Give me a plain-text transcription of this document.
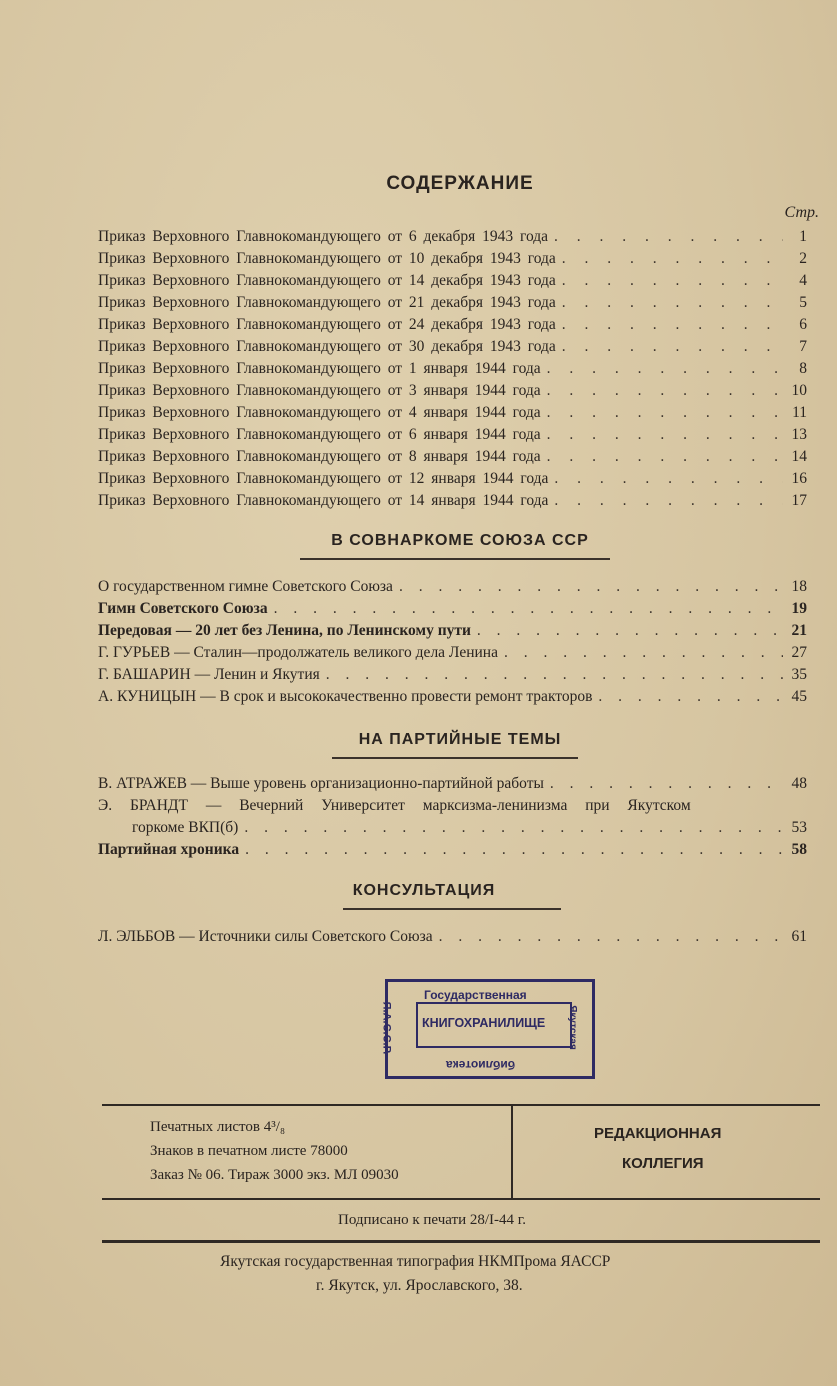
СОДЕРЖАНИЕ
Стр.
Приказ Верховного Главнокомандующего от 6 декабря 1943 года . . .	1
Приказ Верховного Главнокомандующего от 10 декабря 1943 года . . .	2
Приказ Верховного Главнокомандующего от 14 декабря 1943 года . . .	4
Приказ Верховного Главнокомандующего от 21 декабря 1943 года . . .	5
Приказ Верховного Главнокомандующего от 24 декабря 1943 года . . .	6
Приказ Верховного Главнокомандующего от 30 декабря 1943 года . . .	7
Приказ Верховного Главнокомандующего от 1 января 1944 года . . .	8
Приказ Верховного Главнокомандующего от 3 января 1944 года . . .	10
Приказ Верховного Главнокомандующего от 4 января 1944 года . . .	11
Приказ Верховного Главнокомандующего от 6 января 1944 года . . .	13
Приказ Верховного Главнокомандующего от 8 января 1944 года . . .	14
Приказ Верховного Главнокомандующего от 12 января 1944 года . . .	16
Приказ Верховного Главнокомандующего от 14 января 1944 года . . .	17
В СОВНАРКОМЕ СОЮЗА ССР
О государственном гимне Советского Союза . . .	18
Гимн Советского Союза . . .	19
Передовая — 20 лет без Ленина, по Ленинскому пути . . .	21
Г. ГУРЬЕВ — Сталин—продолжатель великого дела Ленина . . .	27
Г. БАШАРИН — Ленин и Якутия . . .	35
А. КУНИЦЫН — В срок и высококачественно провести ремонт тракторов . . .	45
НА ПАРТИЙНЫЕ ТЕМЫ
В. АТРАЖЕВ — Выше уровень организационно-партийной работы . . .	48
Э. БРАНДТ — Вечерний Университет марксизма-ленинизма при Якутском
горкоме ВКП(б) . . .	53
Партийная хроника . . .	58
КОНСУЛЬТАЦИЯ
Л. ЭЛЬБОВ — Источники силы Советского Союза . . .	61
Государственная
КНИГОХРАНИЛИЩЕ
библиотека
Я.А.С.С.Р.	Якутская
Печатных листов 4³/₈
Знаков в печатном листе 78000
Заказ № 06. Тираж 3000 экз. МЛ 09030
РЕДАКЦИОННАЯ
КОЛЛЕГИЯ
Подписано к печати 28/I-44 г.
Якутская государственная типография НКМПрома ЯАССР
г. Якутск, ул. Ярославского, 38.
